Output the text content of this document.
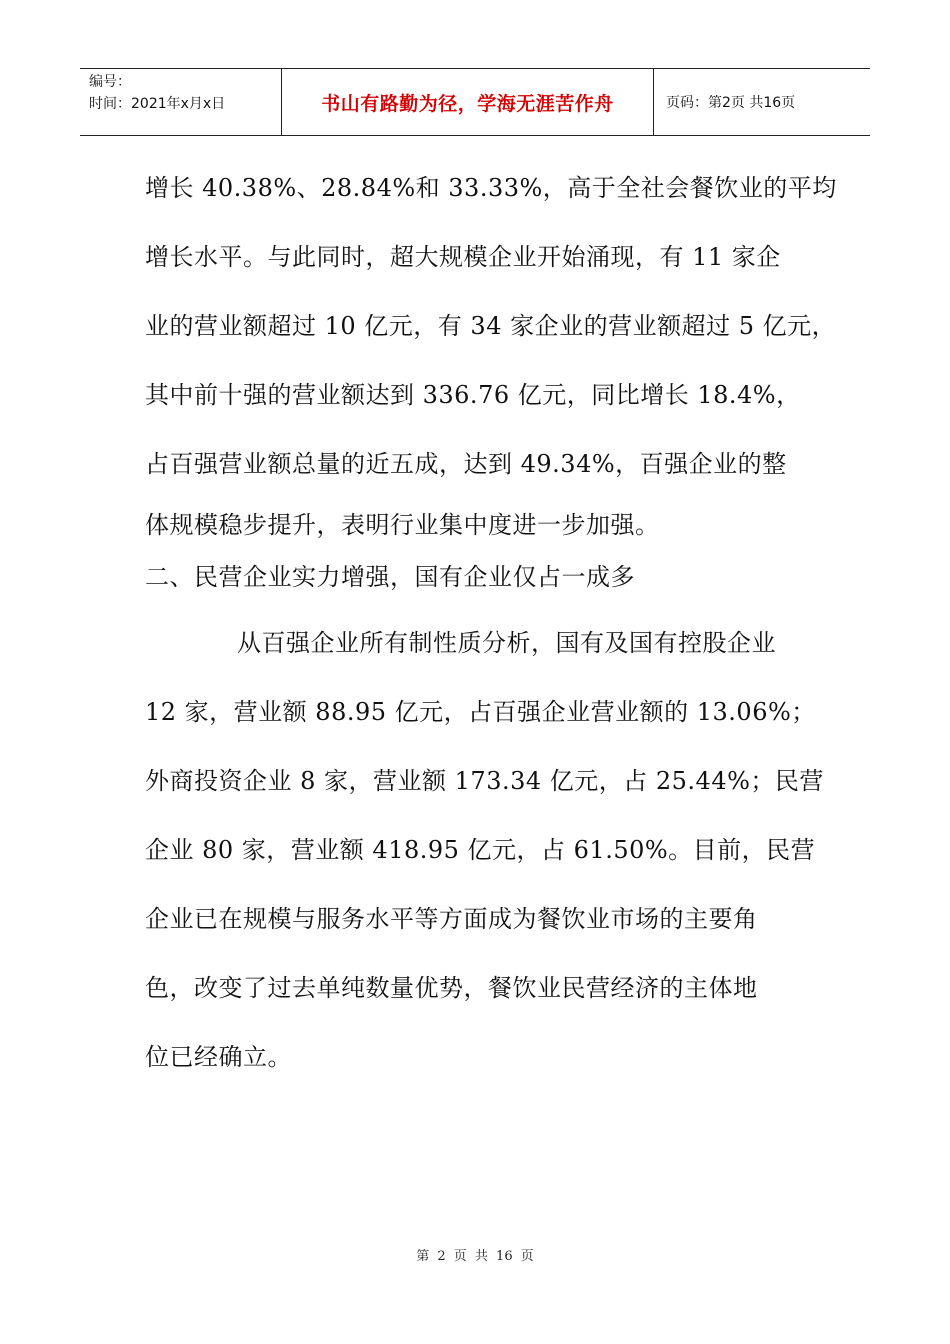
编号：
时间：2021年x月x日	书山有路勤为径，学海无涯苦作舟	页码：第2页 共16页
增长 40.38%、28.84%和 33.33%，高于全社会餐饮业的平均
增长水平。与此同时，超大规模企业开始涌现，有 11 家企
业的营业额超过 10 亿元，有 34 家企业的营业额超过 5 亿元，
其中前十强的营业额达到 336.76 亿元，同比增长 18.4%，
占百强营业额总量的近五成，达到 49.34%，百强企业的整
体规模稳步提升，表明行业集中度进一步加强。
二、民营企业实力增强，国有企业仅占一成多
从百强企业所有制性质分析，国有及国有控股企业
12 家，营业额 88.95 亿元，占百强企业营业额的 13.06%；
外商投资企业 8 家，营业额 173.34 亿元，占 25.44%；民营
企业 80 家，营业额 418.95 亿元，占 61.50%。目前，民营
企业已在规模与服务水平等方面成为餐饮业市场的主要角
色，改变了过去单纯数量优势，餐饮业民营经济的主体地
位已经确立。
第 2 页 共 16 页
